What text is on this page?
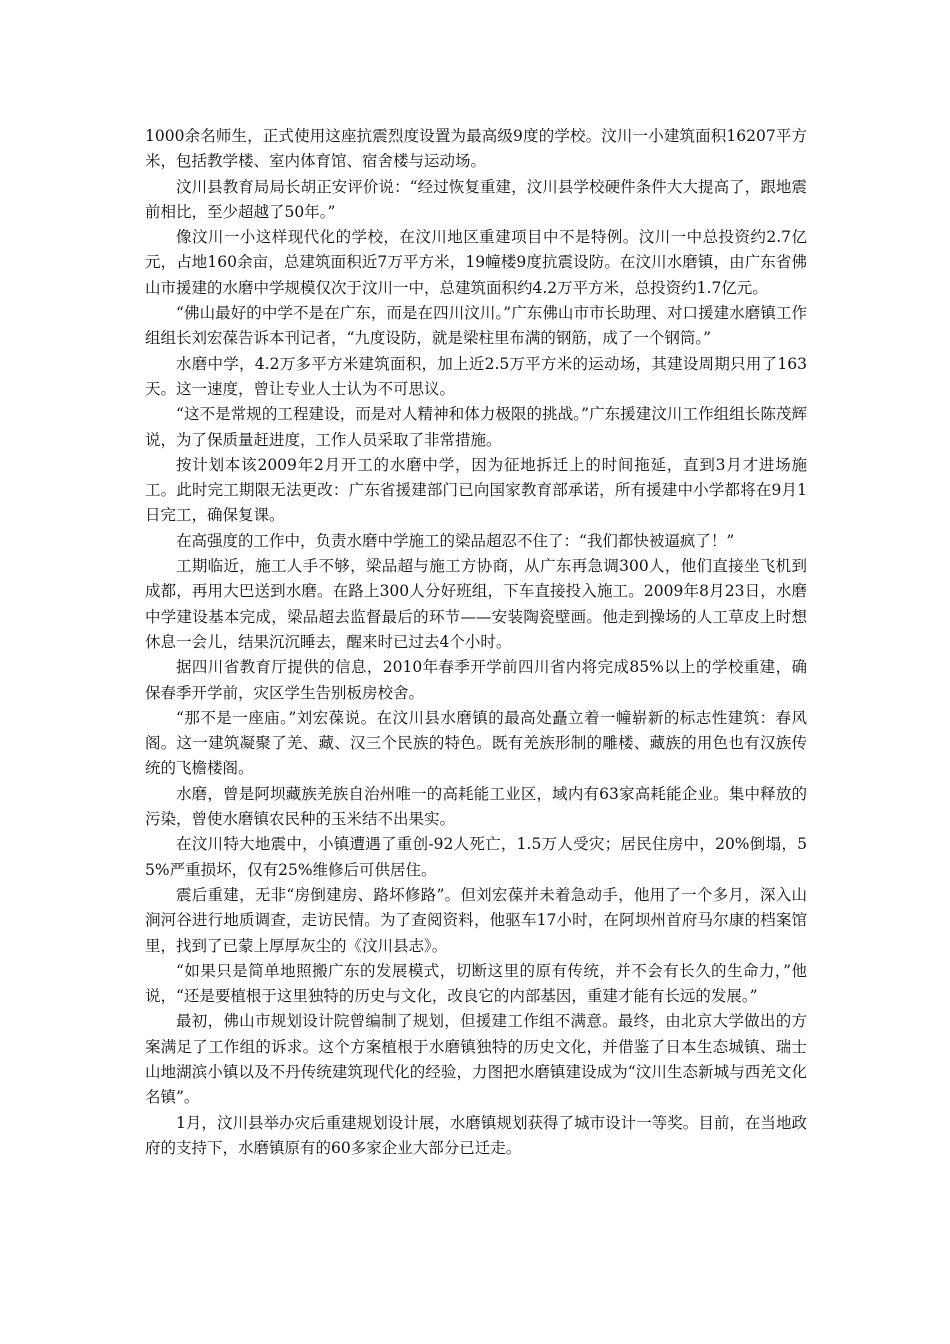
1000余名师生，正式使用这座抗震烈度设置为最高级9度的学校。汶川一小建筑面积16207平方米，包括教学楼、室内体育馆、宿舍楼与运动场。

汶川县教育局局长胡正安评价说：“经过恢复重建，汶川县学校硬件条件大大提高了，跟地震前相比，至少超越了50年。”

像汶川一小这样现代化的学校，在汶川地区重建项目中不是特例。汶川一中总投资约2.7亿元，占地160余亩，总建筑面积近7万平方米，19幢楼9度抗震设防。在汶川水磨镇，由广东省佛山市援建的水磨中学规模仅次于汶川一中，总建筑面积约4.2万平方米，总投资约1.7亿元。

“佛山最好的中学不是在广东，而是在四川汶川。”广东佛山市市长助理、对口援建水磨镇工作组组长刘宏葆告诉本刊记者，“九度设防，就是梁柱里布满的钢筋，成了一个钢筒。”

水磨中学，4.2万多平方米建筑面积，加上近2.5万平方米的运动场，其建设周期只用了163天。这一速度，曾让专业人士认为不可思议。

“这不是常规的工程建设，而是对人精神和体力极限的挑战。”广东援建汶川工作组组长陈茂辉说，为了保质量赶进度，工作人员采取了非常措施。

按计划本该2009年2月开工的水磨中学，因为征地拆迁上的时间拖延，直到3月才进场施工。此时完工期限无法更改：广东省援建部门已向国家教育部承诺，所有援建中小学都将在9月1日完工，确保复课。

在高强度的工作中，负责水磨中学施工的梁品超忍不住了：“我们都快被逼疯了！”

工期临近，施工人手不够，梁品超与施工方协商，从广东再急调300人，他们直接坐飞机到成都，再用大巴送到水磨。在路上300人分好班组，下车直接投入施工。2009年8月23日，水磨中学建设基本完成，梁品超去监督最后的环节——安装陶瓷壁画。他走到操场的人工草皮上时想休息一会儿，结果沉沉睡去，醒来时已过去4个小时。

据四川省教育厅提供的信息，2010年春季开学前四川省内将完成85%以上的学校重建，确保春季开学前，灾区学生告别板房校舍。

“那不是一座庙。”刘宏葆说。在汶川县水磨镇的最高处矗立着一幢崭新的标志性建筑：春风阁。这一建筑凝聚了羌、藏、汉三个民族的特色。既有羌族形制的雕楼、藏族的用色也有汉族传统的飞檐楼阁。

水磨，曾是阿坝藏族羌族自治州唯一的高耗能工业区，域内有63家高耗能企业。集中释放的污染，曾使水磨镇农民种的玉米结不出果实。

在汶川特大地震中，小镇遭遇了重创-92人死亡，1.5万人受灾；居民住房中，20%倒塌，55%严重损坏，仅有25%维修后可供居住。

震后重建，无非“房倒建房、路坏修路”。但刘宏葆并未着急动手，他用了一个多月，深入山涧河谷进行地质调查，走访民情。为了查阅资料，他驱车17小时，在阿坝州首府马尔康的档案馆里，找到了已蒙上厚厚灰尘的《汶川县志》。

“如果只是简单地照搬广东的发展模式，切断这里的原有传统，并不会有长久的生命力，”他说，“还是要植根于这里独特的历史与文化，改良它的内部基因，重建才能有长远的发展。”

最初，佛山市规划设计院曾编制了规划，但援建工作组不满意。最终，由北京大学做出的方案满足了工作组的诉求。这个方案植根于水磨镇独特的历史文化，并借鉴了日本生态城镇、瑞士山地湖滨小镇以及不丹传统建筑现代化的经验，力图把水磨镇建设成为“汶川生态新城与西羌文化名镇”。

1月，汶川县举办灾后重建规划设计展，水磨镇规划获得了城市设计一等奖。目前，在当地政府的支持下，水磨镇原有的60多家企业大部分已迁走。
